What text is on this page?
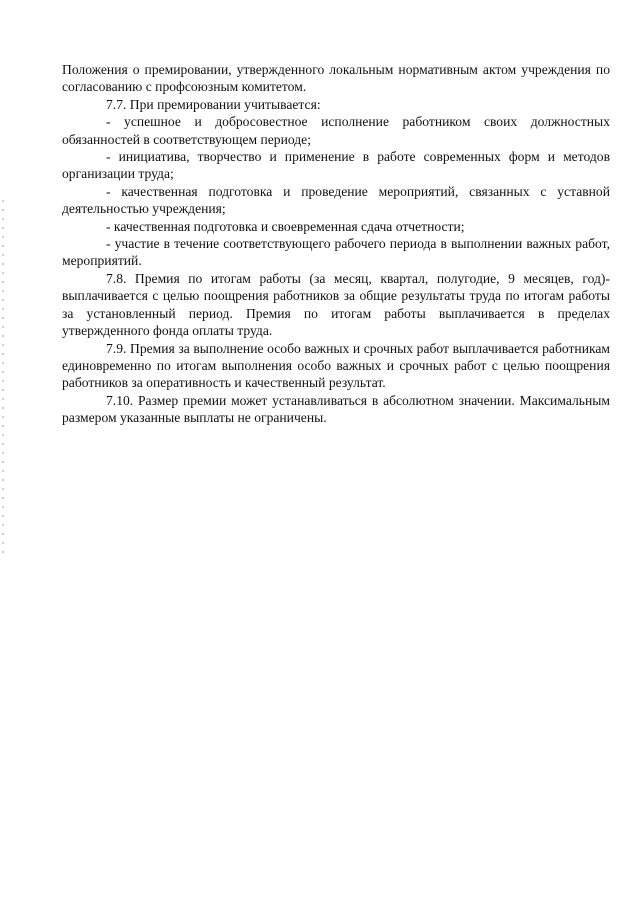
Положения о премировании, утвержденного локальным нормативным актом учреждения по согласованию с профсоюзным комитетом.

7.7. При премировании учитывается:

- успешное и добросовестное исполнение работником своих должностных обязанностей в соответствующем периоде;

- инициатива, творчество и применение в работе современных форм и методов организации труда;

- качественная подготовка и проведение мероприятий, связанных с уставной деятельностью учреждения;

- качественная подготовка и своевременная сдача отчетности;

- участие в течение соответствующего рабочего периода в выполнении важных работ, мероприятий.

7.8. Премия по итогам работы (за месяц, квартал, полугодие, 9 месяцев, год)- выплачивается с целью поощрения работников за общие результаты труда по итогам работы за установленный период. Премия по итогам работы выплачивается в пределах утвержденного фонда оплаты труда.

7.9. Премия за выполнение особо важных и срочных работ выплачивается работникам единовременно по итогам выполнения особо важных и срочных работ с целью поощрения работников за оперативность и качественный результат.

7.10. Размер премии может устанавливаться в абсолютном значении. Максимальным размером указанные выплаты не ограничены.
